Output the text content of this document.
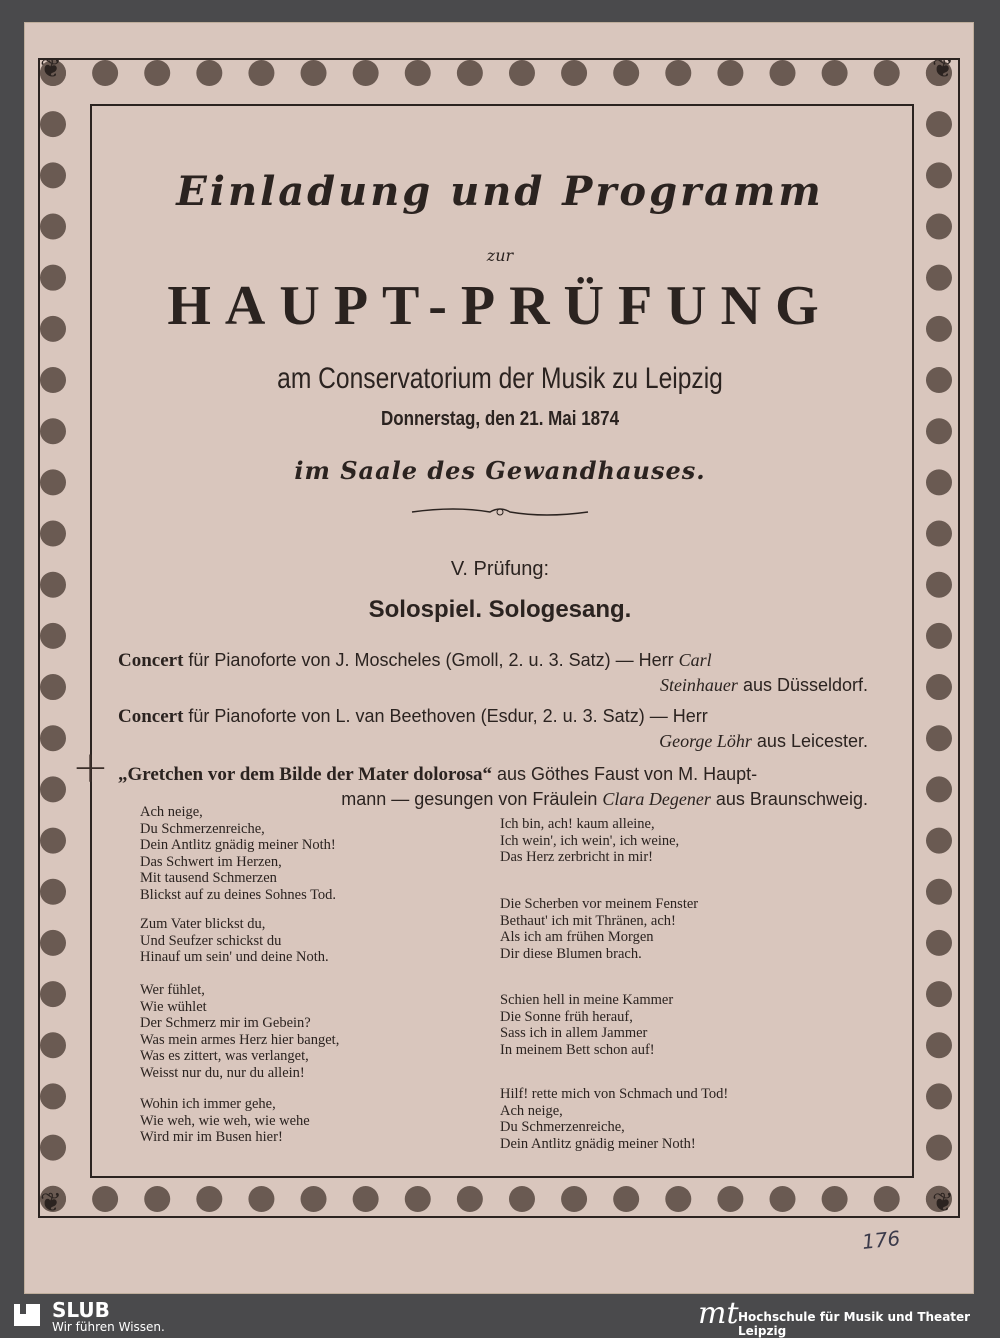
❦	❦
❦	❦
Einladung und Programm
zur
HAUPT-PRÜFUNG
am Conservatorium der Musik zu Leipzig
Donnerstag, den 21. Mai 1874
im Saale des Gewandhauses.
V. Prüfung:
Solospiel. Sologesang.
Concert für Pianoforte von J. Moscheles (Gmoll, 2. u. 3. Satz) — Herr Carl
Steinhauer aus Düsseldorf.
Concert für Pianoforte von L. van Beethoven (Esdur, 2. u. 3. Satz) — Herr
George Löhr aus Leicester.
„Gretchen vor dem Bilde der Mater dolorosa“ aus Göthes Faust von M. Haupt-
mann — gesungen von Fräulein Clara Degener aus Braunschweig.
+
Ach neige,
Du Schmerzenreiche,
Dein Antlitz gnädig meiner Noth!
Das Schwert im Herzen,
Mit tausend Schmerzen
Blickst auf zu deines Sohnes Tod.
Zum Vater blickst du,
Und Seufzer schickst du
Hinauf um sein' und deine Noth.
Wer fühlet,
Wie wühlet
Der Schmerz mir im Gebein?
Was mein armes Herz hier banget,
Was es zittert, was verlanget,
Weisst nur du, nur du allein!
Wohin ich immer gehe,
Wie weh, wie weh, wie wehe
Wird mir im Busen hier!
Ich bin, ach! kaum alleine,
Ich wein', ich wein', ich weine,
Das Herz zerbricht in mir!
Die Scherben vor meinem Fenster
Bethaut' ich mit Thränen, ach!
Als ich am frühen Morgen
Dir diese Blumen brach.
Schien hell in meine Kammer
Die Sonne früh herauf,
Sass ich in allem Jammer
In meinem Bett schon auf!
Hilf! rette mich von Schmach und Tod!
Ach neige,
Du Schmerzenreiche,
Dein Antlitz gnädig meiner Noth!
176
SLUB
Wir führen Wissen.	mt Hochschule für Musik und Theater Leipzig
